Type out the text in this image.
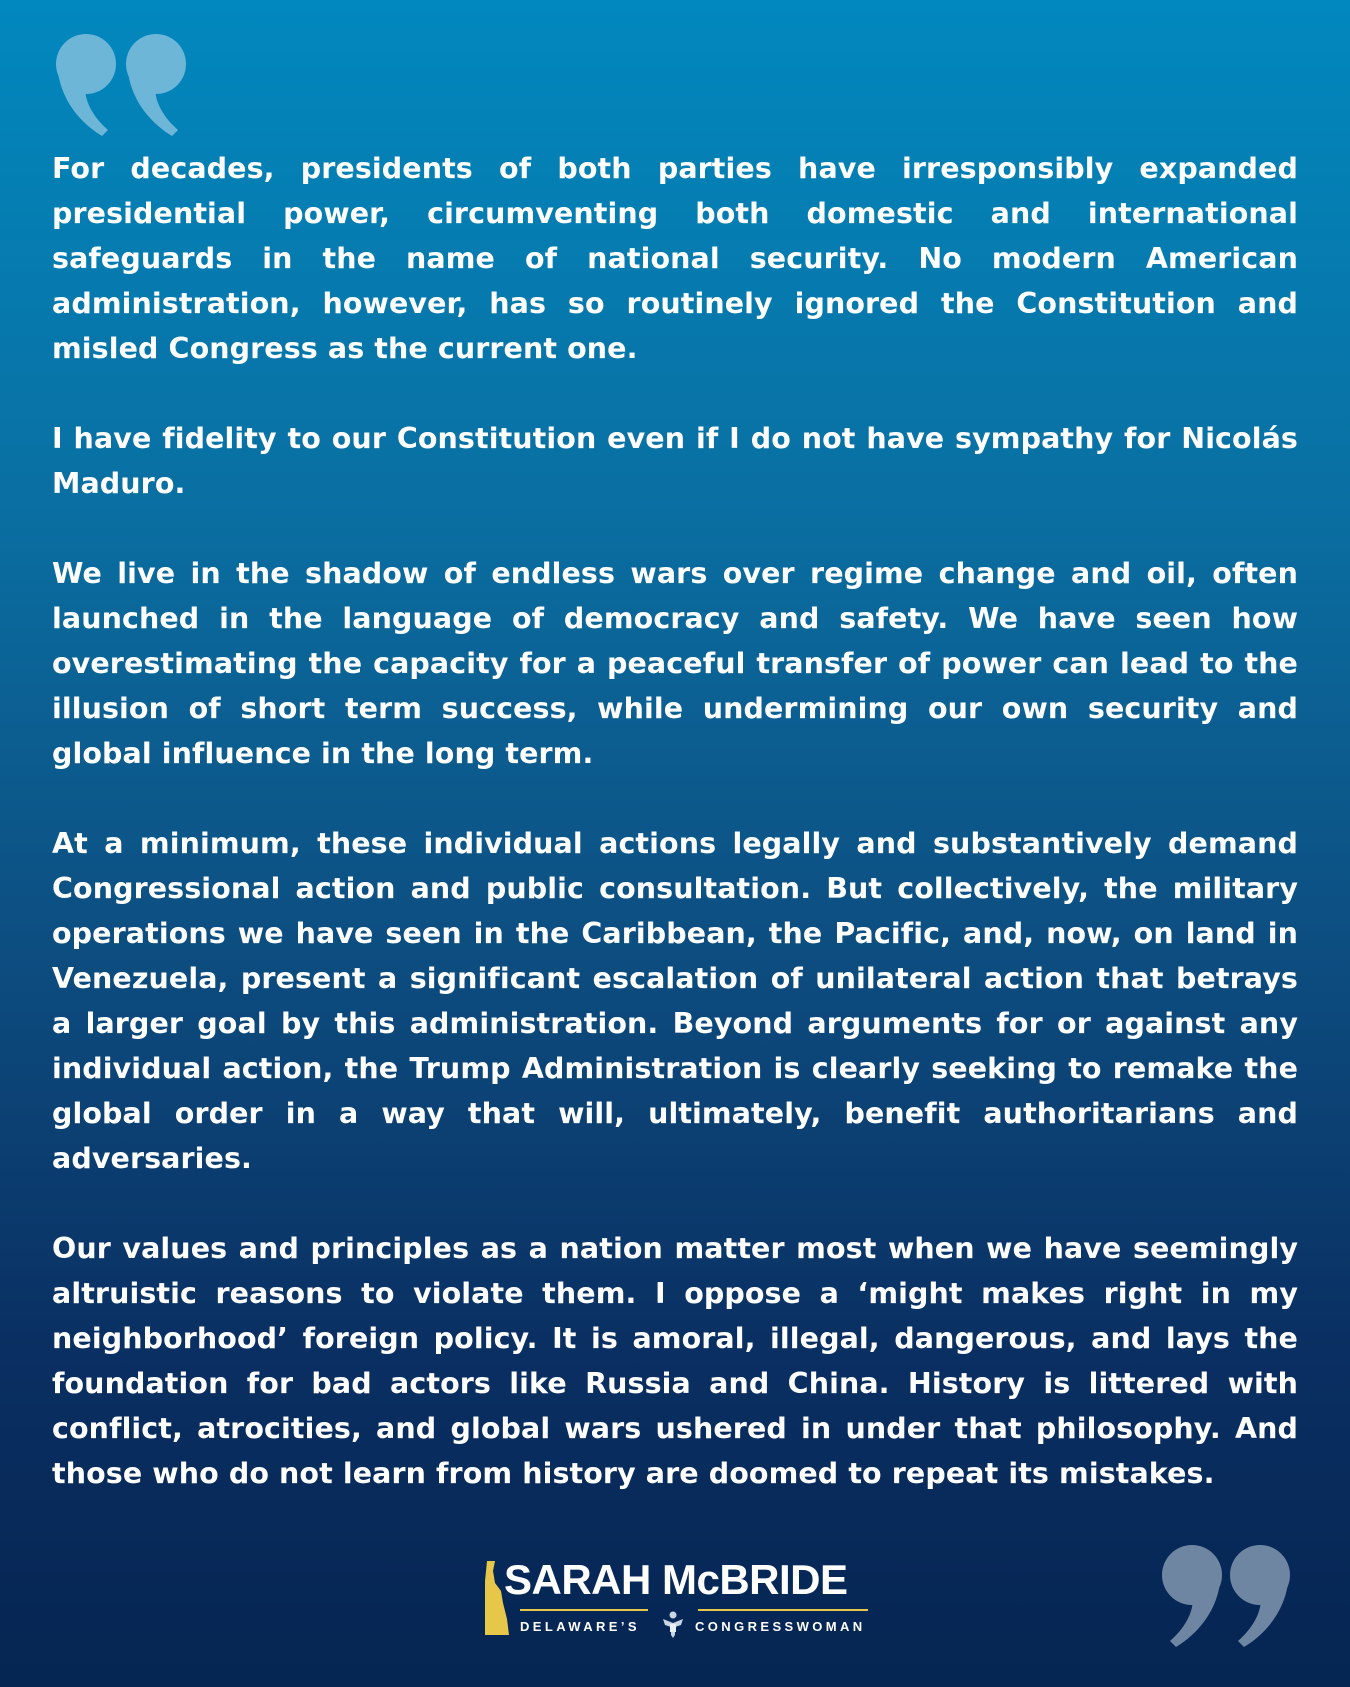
For decades, presidents of both parties have irresponsibly expanded presidential power, circumventing both domestic and international safeguards in the name of national security. No modern American administration, however, has so routinely ignored the Constitution and misled Congress as the current one.

I have fidelity to our Constitution even if I do not have sympathy for Nicolás Maduro.

We live in the shadow of endless wars over regime change and oil, often launched in the language of democracy and safety. We have seen how overestimating the capacity for a peaceful transfer of power can lead to the illusion of short term success, while undermining our own security and global influence in the long term.

At a minimum, these individual actions legally and substantively demand Congressional action and public consultation. But collectively, the military operations we have seen in the Caribbean, the Pacific, and, now, on land in Venezuela, present a significant escalation of unilateral action that betrays a larger goal by this administration. Beyond arguments for or against any individual action, the Trump Administration is clearly seeking to remake the global order in a way that will, ultimately, benefit authoritarians and adversaries.

Our values and principles as a nation matter most when we have seemingly altruistic reasons to violate them. I oppose a ‘might makes right in my neighborhood’ foreign policy. It is amoral, illegal, dangerous, and lays the foundation for bad actors like Russia and China. History is littered with conflict, atrocities, and global wars ushered in under that philosophy. And those who do not learn from history are doomed to repeat its mistakes.

SARAH McBRIDE
DELAWARE’S	CONGRESSWOMAN
